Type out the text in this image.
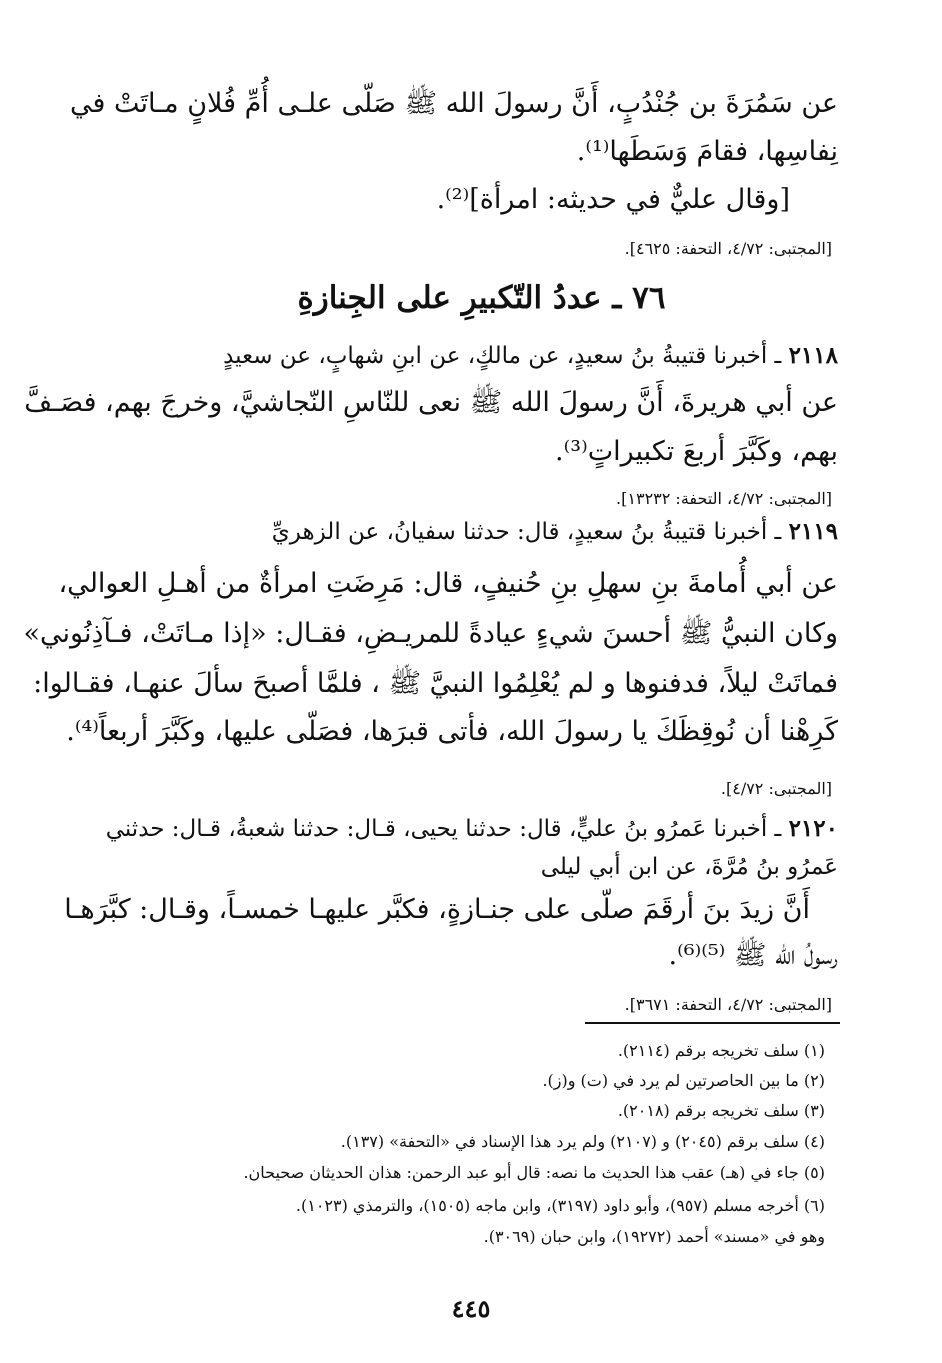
عن سَمُرَةَ بن جُنْدُبٍ، أَنَّ رسولَ الله ﷺ صَلّى علـى أُمِّ فُلانٍ مـاتَتْ في
نِفاسِها، فقامَ وَسَطَها⁽¹⁾.
[وقال عليٌّ في حديثه: امرأة]⁽²⁾.
[المجتبى: ٤/٧٢، التحفة: ٤٦٢٥].
٧٦ ـ عددُ التّكبيرِ على الجِنازةِ
٢١١٨ ـ أخبرنا قتيبةُ بنُ سعيدٍ، عن مالكٍ، عن ابنِ شهابٍ، عن سعيدٍ
عن أبي هريرةَ، أَنَّ رسولَ الله ﷺ نعى للنّاسِ النّجاشيَّ، وخرجَ بهم، فصَـفَّ
بهم، وكَبَّرَ أربعَ تكبيراتٍ⁽³⁾.
[المجتبى: ٤/٧٢، التحفة: ١٣٢٣٢].
٢١١٩ ـ أخبرنا قتيبةُ بنُ سعيدٍ، قال: حدثنا سفيانُ، عن الزهريِّ
عن أبي أُمامةَ بنِ سهلِ بنِ حُنيفٍ، قال: مَرِضَتِ امرأةٌ من أهـلِ العوالي،
وكان النبيُّ ﷺ أحسنَ شيءٍ عيادةً للمريـضِ، فقـال: «إذا مـاتَتْ، فـآذِنُوني»
فماتَتْ ليلاً، فدفنوها و لم يُعْلِمُوا النبيَّ ﷺ ، فلمَّا أصبحَ سألَ عنهـا، فقـالوا:
كَرِهْنا أن نُوقِظَكَ يا رسولَ الله، فأتى قبرَها، فصَلّى عليها، وكَبَّرَ أربعاً⁽⁴⁾.
[المجتبى: ٤/٧٢].
٢١٢٠ ـ أخبرنا عَمرُو بنُ عليٍّ، قال: حدثنا يحيى، قـال: حدثنا شعبةُ، قـال: حدثني
عَمرُو بنُ مُرَّةَ، عن ابن أبي ليلى
أَنَّ زيدَ بنَ أرقَمَ صلّى على جنـازةٍ، فكبَّر عليهـا خمسـاً، وقـال: كبَّرَهـا
رسولُ الله ﷺ ⁽⁵⁾⁽⁶⁾.
[المجتبى: ٤/٧٢، التحفة: ٣٦٧١].
(١) سلف تخريجه برقم (٢١١٤).
(٢) ما بين الحاصرتين لم يرد في (ت) و(ز).
(٣) سلف تخريجه برقم (٢٠١٨).
(٤) سلف برقم (٢٠٤٥) و (٢١٠٧) ولم يرد هذا الإسناد في «التحفة» (١٣٧).
(٥) جاء في (هـ) عقب هذا الحديث ما نصه: قال أبو عبد الرحمن: هذان الحديثان صحيحان.
(٦) أخرجه مسلم (٩٥٧)، وأبو داود (٣١٩٧)، وابن ماجه (١٥٠٥)، والترمذي (١٠٢٣).
وهو في «مسند» أحمد (١٩٢٧٢)، وابن حبان (٣٠٦٩).
٤٤٥
